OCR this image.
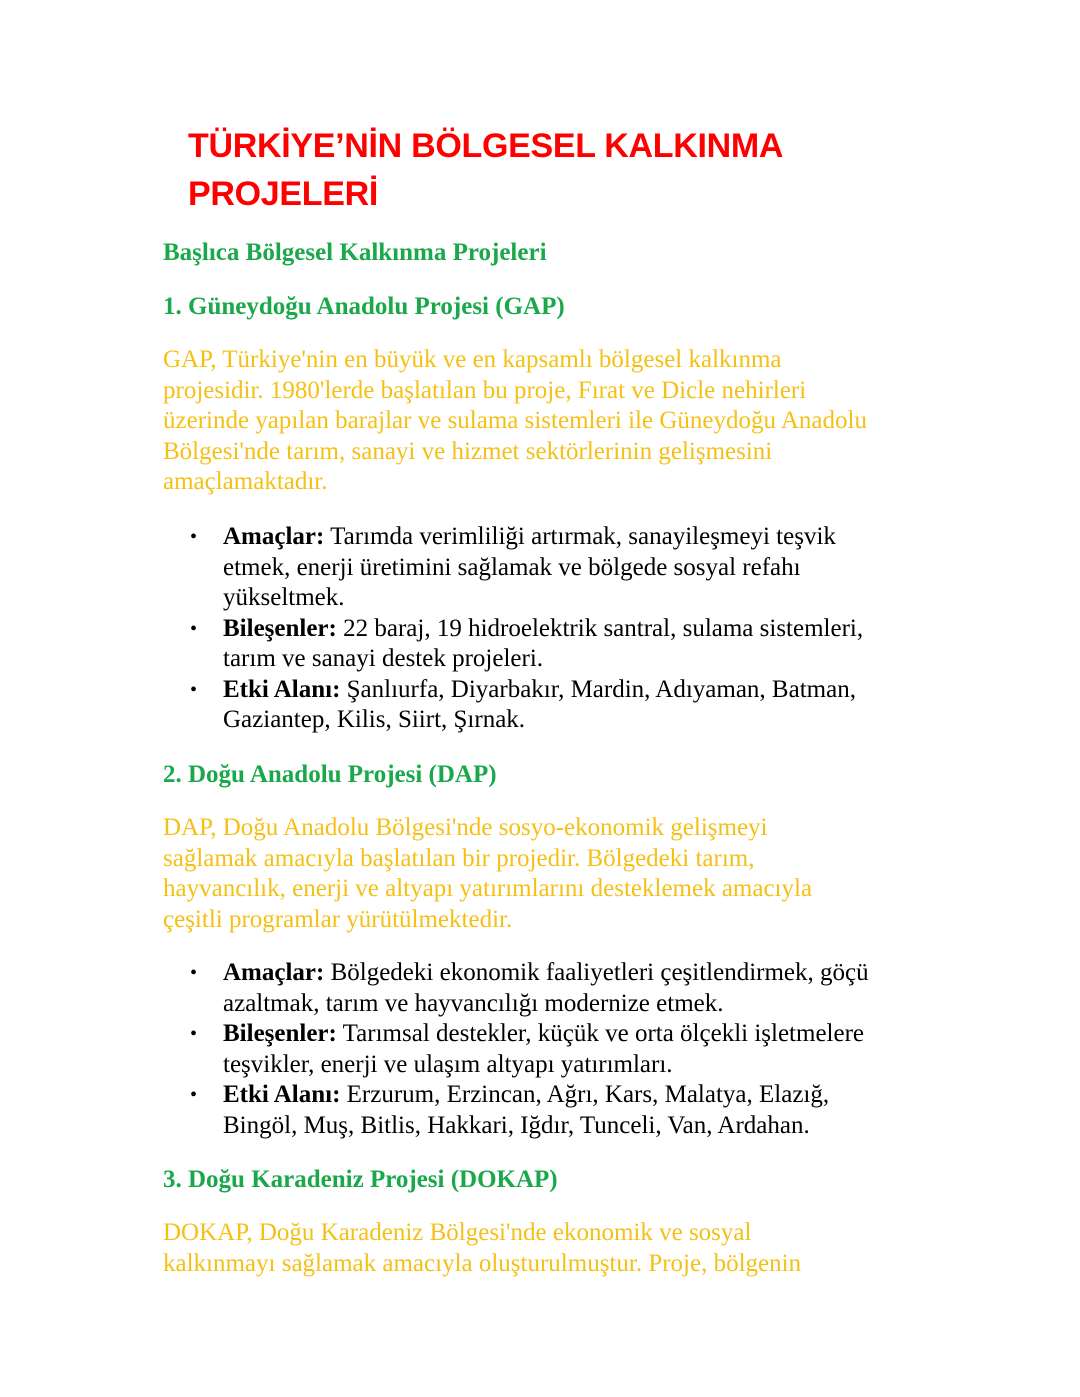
TÜRKİYE’NİN BÖLGESEL KALKINMA
PROJELERİ
Başlıca Bölgesel Kalkınma Projeleri
1. Güneydoğu Anadolu Projesi (GAP)

GAP, Türkiye'nin en büyük ve en kapsamlı bölgesel kalkınma
projesidir. 1980'lerde başlatılan bu proje, Fırat ve Dicle nehirleri
üzerinde yapılan barajlar ve sulama sistemleri ile Güneydoğu Anadolu
Bölgesi'nde tarım, sanayi ve hizmet sektörlerinin gelişmesini
amaçlamaktadır.

• Amaçlar: Tarımda verimliliği artırmak, sanayileşmeyi teşvik
etmek, enerji üretimini sağlamak ve bölgede sosyal refahı
yükseltmek.
• Bileşenler: 22 baraj, 19 hidroelektrik santral, sulama sistemleri,
tarım ve sanayi destek projeleri.
• Etki Alanı: Şanlıurfa, Diyarbakır, Mardin, Adıyaman, Batman,
Gaziantep, Kilis, Siirt, Şırnak.
2. Doğu Anadolu Projesi (DAP)

DAP, Doğu Anadolu Bölgesi'nde sosyo-ekonomik gelişmeyi
sağlamak amacıyla başlatılan bir projedir. Bölgedeki tarım,
hayvancılık, enerji ve altyapı yatırımlarını desteklemek amacıyla
çeşitli programlar yürütülmektedir.

• Amaçlar: Bölgedeki ekonomik faaliyetleri çeşitlendirmek, göçü
azaltmak, tarım ve hayvancılığı modernize etmek.
• Bileşenler: Tarımsal destekler, küçük ve orta ölçekli işletmelere
teşvikler, enerji ve ulaşım altyapı yatırımları.
• Etki Alanı: Erzurum, Erzincan, Ağrı, Kars, Malatya, Elazığ,
Bingöl, Muş, Bitlis, Hakkari, Iğdır, Tunceli, Van, Ardahan.
3. Doğu Karadeniz Projesi (DOKAP)

DOKAP, Doğu Karadeniz Bölgesi'nde ekonomik ve sosyal
kalkınmayı sağlamak amacıyla oluşturulmuştur. Proje, bölgenin
